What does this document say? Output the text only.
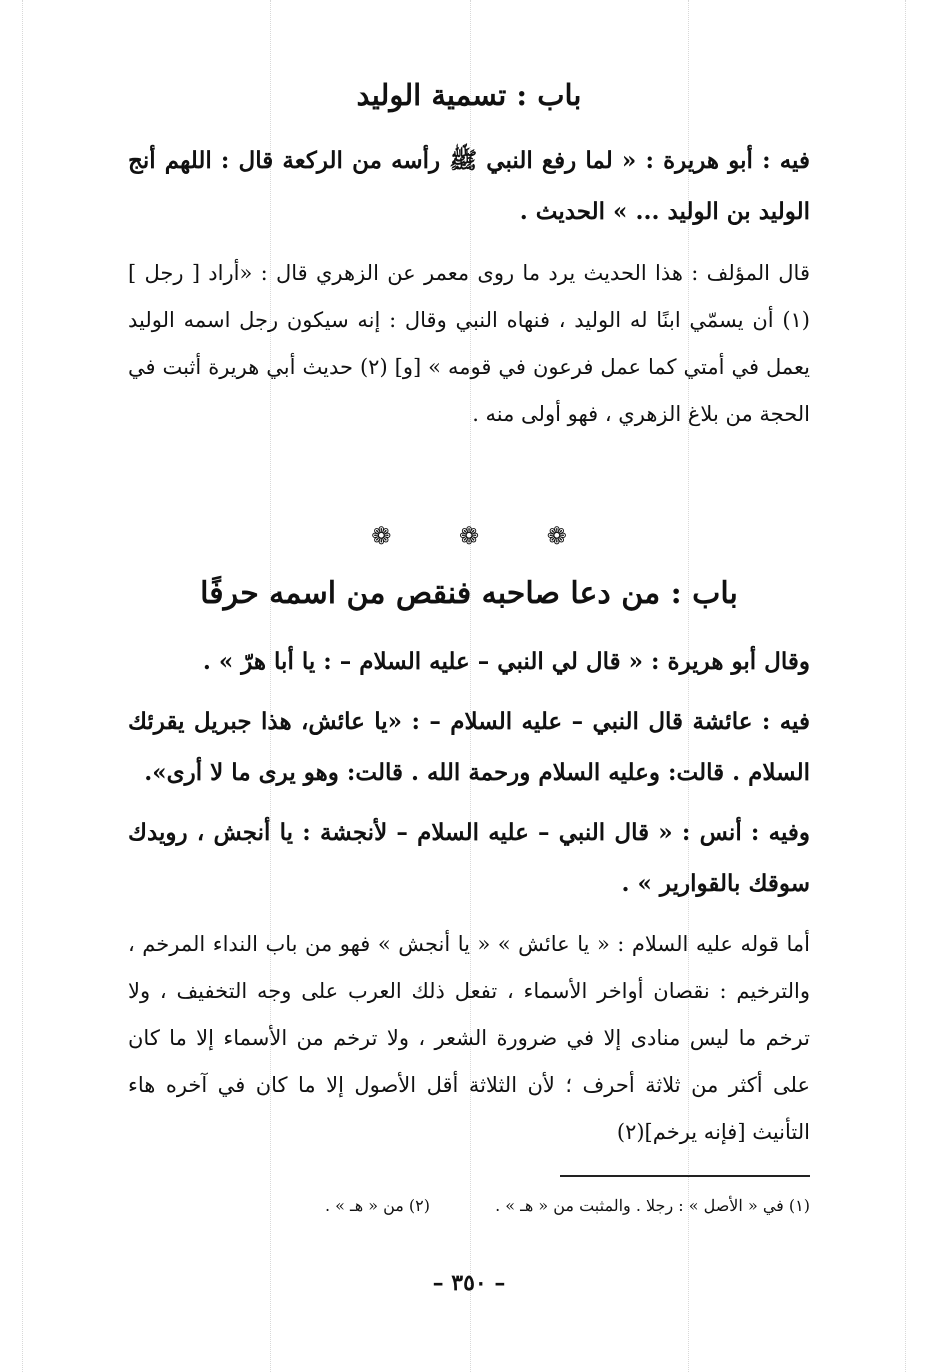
باب : تسمية الوليد
فيه : أبو هريرة : « لما رفع النبي ﷺ رأسه من الركعة قال : اللهم أنج الوليد بن الوليد ... » الحديث .
قال المؤلف : هذا الحديث يرد ما روى معمر عن الزهري قال : «أراد [ رجل ] (١) أن يسمّي ابنًا له الوليد ، فنهاه النبي وقال : إنه سيكون رجل اسمه الوليد يعمل في أمتي كما عمل فرعون في قومه » [و] (٢) حديث أبي هريرة أثبت في الحجة من بلاغ الزهري ، فهو أولى منه .
❁ ❁ ❁
باب : من دعا صاحبه فنقص من اسمه حرفًا
وقال أبو هريرة : « قال لي النبي – عليه السلام – : يا أبا هرّ » .
فيه : عائشة قال النبي – عليه السلام – : «يا عائش، هذا جبريل يقرئك السلام . قالت: وعليه السلام ورحمة الله . قالت: وهو يرى ما لا أرى».
وفيه : أنس : « قال النبي – عليه السلام – لأنجشة : يا أنجش ، رويدك سوقك بالقوارير » .
أما قوله عليه السلام : « يا عائش » « يا أنجش » فهو من باب النداء المرخم ، والترخيم : نقصان أواخر الأسماء ، تفعل ذلك العرب على وجه التخفيف ، ولا ترخم ما ليس منادى إلا في ضرورة الشعر ، ولا ترخم من الأسماء إلا ما كان على أكثر من ثلاثة أحرف ؛ لأن الثلاثة أقل الأصول إلا ما كان في آخره هاء التأنيث [فإنه يرخم](٢)
(١) في « الأصل » : رجلا . والمثبت من « هـ » . (٢) من « هـ » .
– ٣٥٠ –
